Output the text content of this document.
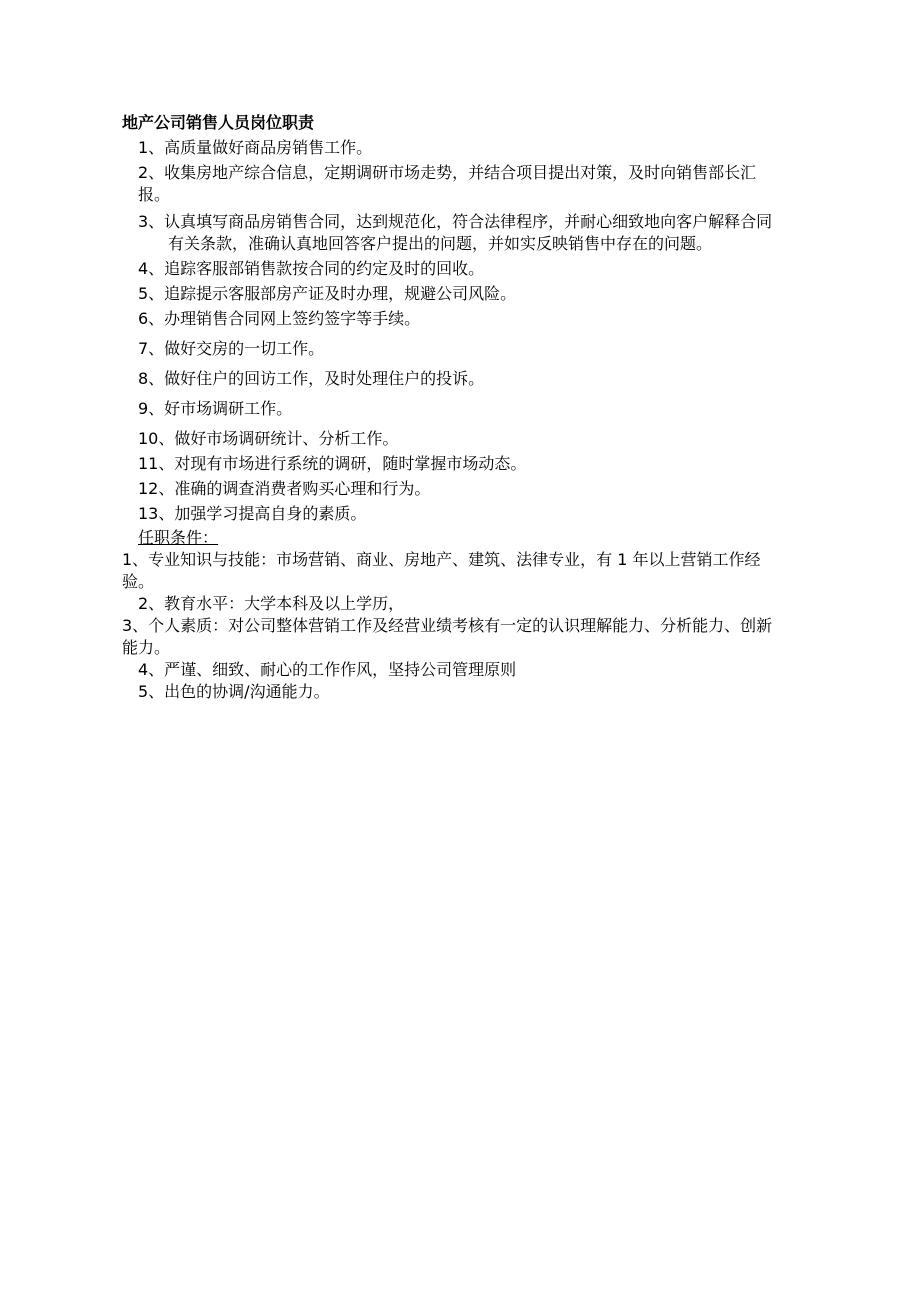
地产公司销售人员岗位职责

1、高质量做好商品房销售工作。

2、收集房地产综合信息，定期调研市场走势，并结合项目提出对策，及时向销售部长汇报。

3、认真填写商品房销售合同，达到规范化，符合法律程序，并耐心细致地向客户解释合同有关条款，准确认真地回答客户提出的问题，并如实反映销售中存在的问题。

4、追踪客服部销售款按合同的约定及时的回收。

5、追踪提示客服部房产证及时办理，规避公司风险。

6、办理销售合同网上签约签字等手续。

7、做好交房的一切工作。

8、做好住户的回访工作，及时处理住户的投诉。

9、好市场调研工作。

10、做好市场调研统计、分析工作。

11、对现有市场进行系统的调研，随时掌握市场动态。

12、准确的调查消费者购买心理和行为。

13、加强学习提高自身的素质。

任职条件：

1、专业知识与技能：市场营销、商业、房地产、建筑、法律专业，有 1 年以上营销工作经验。

2、教育水平：大学本科及以上学历，

3、个人素质：对公司整体营销工作及经营业绩考核有一定的认识理解能力、分析能力、创新能力。

4、严谨、细致、耐心的工作作风，坚持公司管理原则

5、出色的协调/沟通能力。
